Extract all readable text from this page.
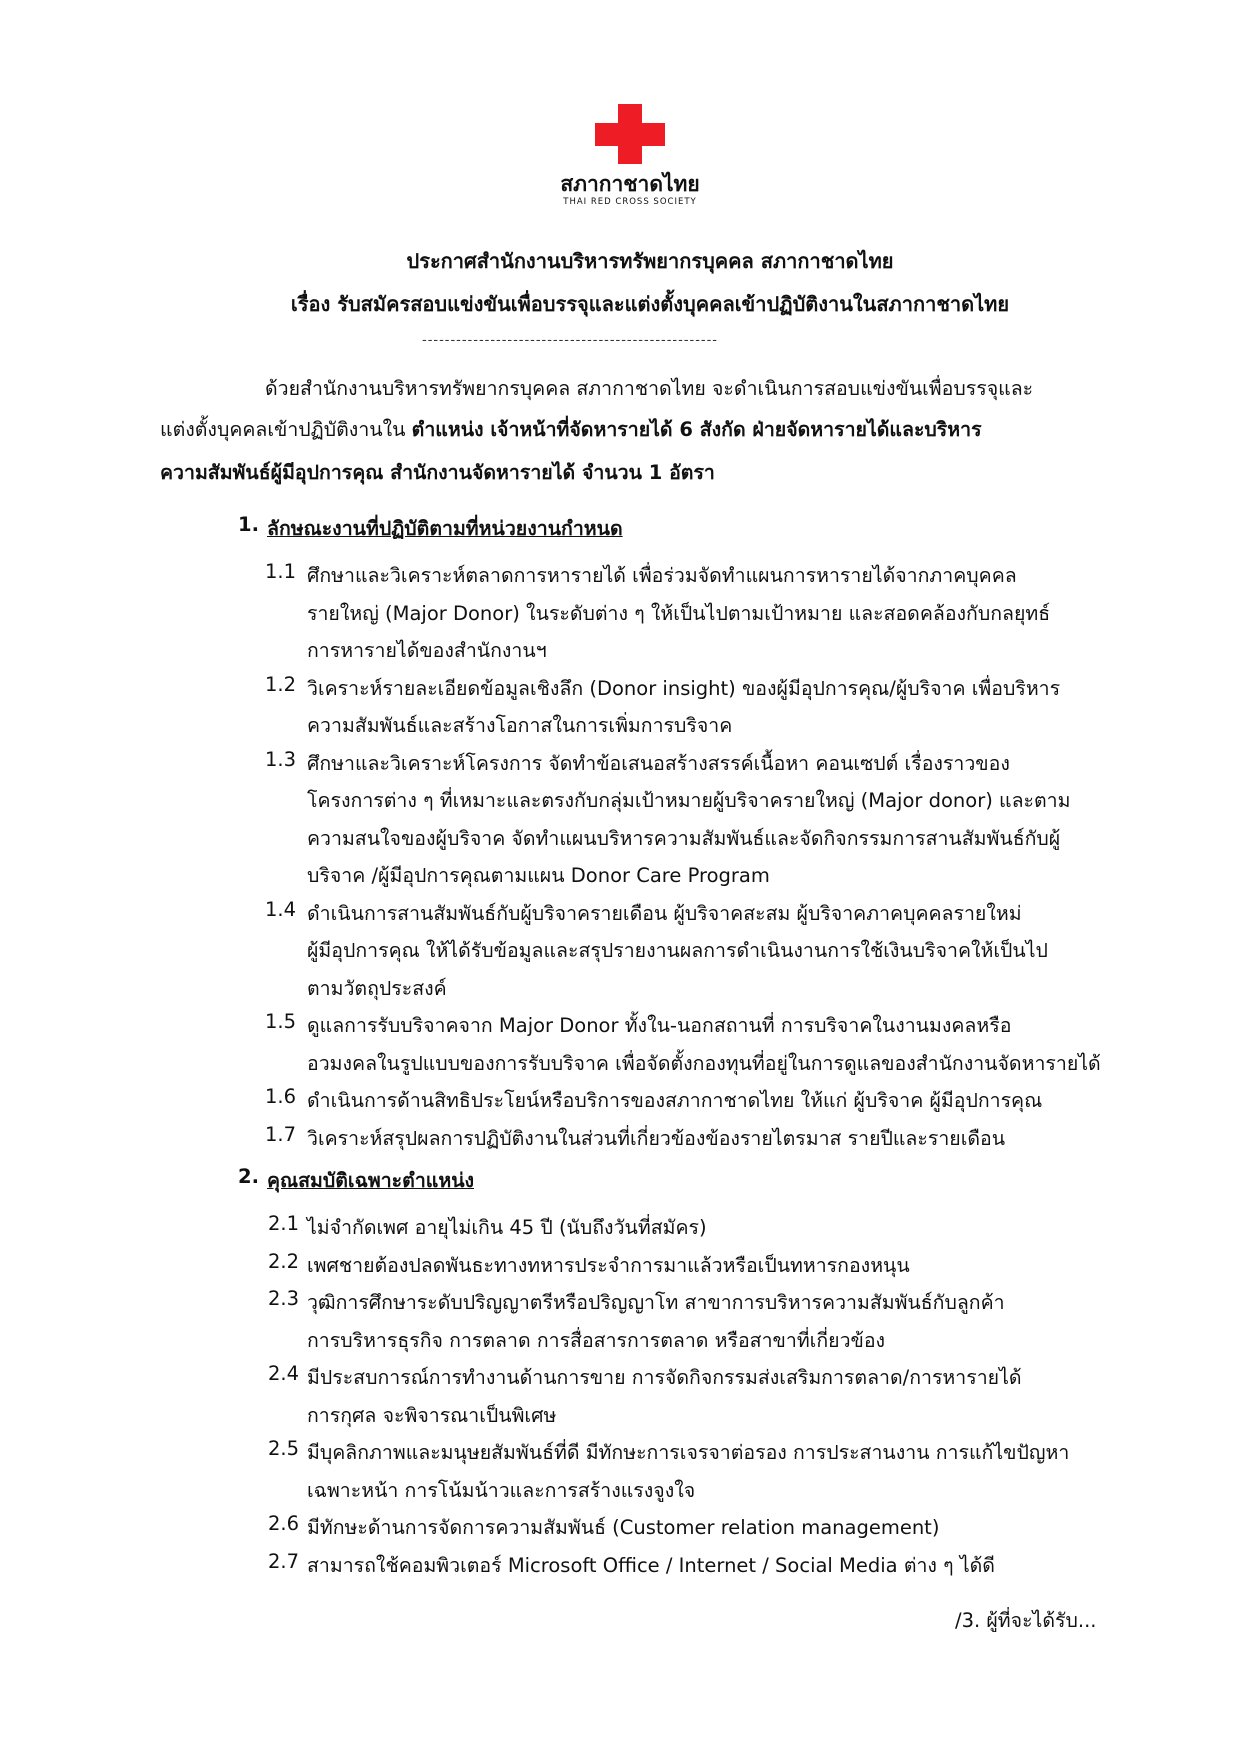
สภากาชาดไทย
THAI RED CROSS SOCIETY
ประกาศสำนักงานบริหารทรัพยากรบุคคล สภากาชาดไทย
เรื่อง รับสมัครสอบแข่งขันเพื่อบรรจุและแต่งตั้งบุคคลเข้าปฏิบัติงานในสภากาชาดไทย
----------------------------------------------------
ด้วยสำนักงานบริหารทรัพยากรบุคคล สภากาชาดไทย จะดำเนินการสอบแข่งขันเพื่อบรรจุและ
แต่งตั้งบุคคลเข้าปฏิบัติงานใน ตำแหน่ง เจ้าหน้าที่จัดหารายได้ 6 สังกัด ฝ่ายจัดหารายได้และบริหาร
ความสัมพันธ์ผู้มีอุปการคุณ สำนักงานจัดหารายได้ จำนวน 1 อัตรา
1. ลักษณะงานที่ปฏิบัติตามที่หน่วยงานกำหนด
1.1 ศึกษาและวิเคราะห์ตลาดการหารายได้ เพื่อร่วมจัดทำแผนการหารายได้จากภาคบุคคล
รายใหญ่ (Major Donor) ในระดับต่าง ๆ ให้เป็นไปตามเป้าหมาย และสอดคล้องกับกลยุทธ์
การหารายได้ของสำนักงานฯ
1.2 วิเคราะห์รายละเอียดข้อมูลเชิงลึก (Donor insight) ของผู้มีอุปการคุณ/ผู้บริจาค เพื่อบริหาร
ความสัมพันธ์และสร้างโอกาสในการเพิ่มการบริจาค
1.3 ศึกษาและวิเคราะห์โครงการ จัดทำข้อเสนอสร้างสรรค์เนื้อหา คอนเซปต์ เรื่องราวของ
โครงการต่าง ๆ ที่เหมาะและตรงกับกลุ่มเป้าหมายผู้บริจาครายใหญ่ (Major donor) และตาม
ความสนใจของผู้บริจาค จัดทำแผนบริหารความสัมพันธ์และจัดกิจกรรมการสานสัมพันธ์กับผู้
บริจาค /ผู้มีอุปการคุณตามแผน Donor Care Program
1.4 ดำเนินการสานสัมพันธ์กับผู้บริจาครายเดือน ผู้บริจาคสะสม ผู้บริจาคภาคบุคคลรายใหม่
ผู้มีอุปการคุณ ให้ได้รับข้อมูลและสรุปรายงานผลการดำเนินงานการใช้เงินบริจาคให้เป็นไป
ตามวัตถุประสงค์
1.5 ดูแลการรับบริจาคจาก Major Donor ทั้งใน-นอกสถานที่ การบริจาคในงานมงคลหรือ
อวมงคลในรูปแบบของการรับบริจาค เพื่อจัดตั้งกองทุนที่อยู่ในการดูแลของสำนักงานจัดหารายได้
1.6 ดำเนินการด้านสิทธิประโยน์หรือบริการของสภากาชาดไทย ให้แก่ ผู้บริจาค ผู้มีอุปการคุณ
1.7 วิเคราะห์สรุปผลการปฏิบัติงานในส่วนที่เกี่ยวข้องข้องรายไตรมาส รายปีและรายเดือน
2. คุณสมบัติเฉพาะตำแหน่ง
2.1 ไม่จำกัดเพศ อายุไม่เกิน 45 ปี (นับถึงวันที่สมัคร)
2.2 เพศชายต้องปลดพันธะทางทหารประจำการมาแล้วหรือเป็นทหารกองหนุน
2.3 วุฒิการศึกษาระดับปริญญาตรีหรือปริญญาโท สาขาการบริหารความสัมพันธ์กับลูกค้า
การบริหารธุรกิจ การตลาด การสื่อสารการตลาด หรือสาขาที่เกี่ยวข้อง
2.4 มีประสบการณ์การทำงานด้านการขาย การจัดกิจกรรมส่งเสริมการตลาด/การหารายได้
การกุศล จะพิจารณาเป็นพิเศษ
2.5 มีบุคลิกภาพและมนุษยสัมพันธ์ที่ดี มีทักษะการเจรจาต่อรอง การประสานงาน การแก้ไขปัญหา
เฉพาะหน้า การโน้มน้าวและการสร้างแรงจูงใจ
2.6 มีทักษะด้านการจัดการความสัมพันธ์ (Customer relation management)
2.7 สามารถใช้คอมพิวเตอร์ Microsoft Office / Internet / Social Media ต่าง ๆ ได้ดี
/3. ผู้ที่จะได้รับ...
